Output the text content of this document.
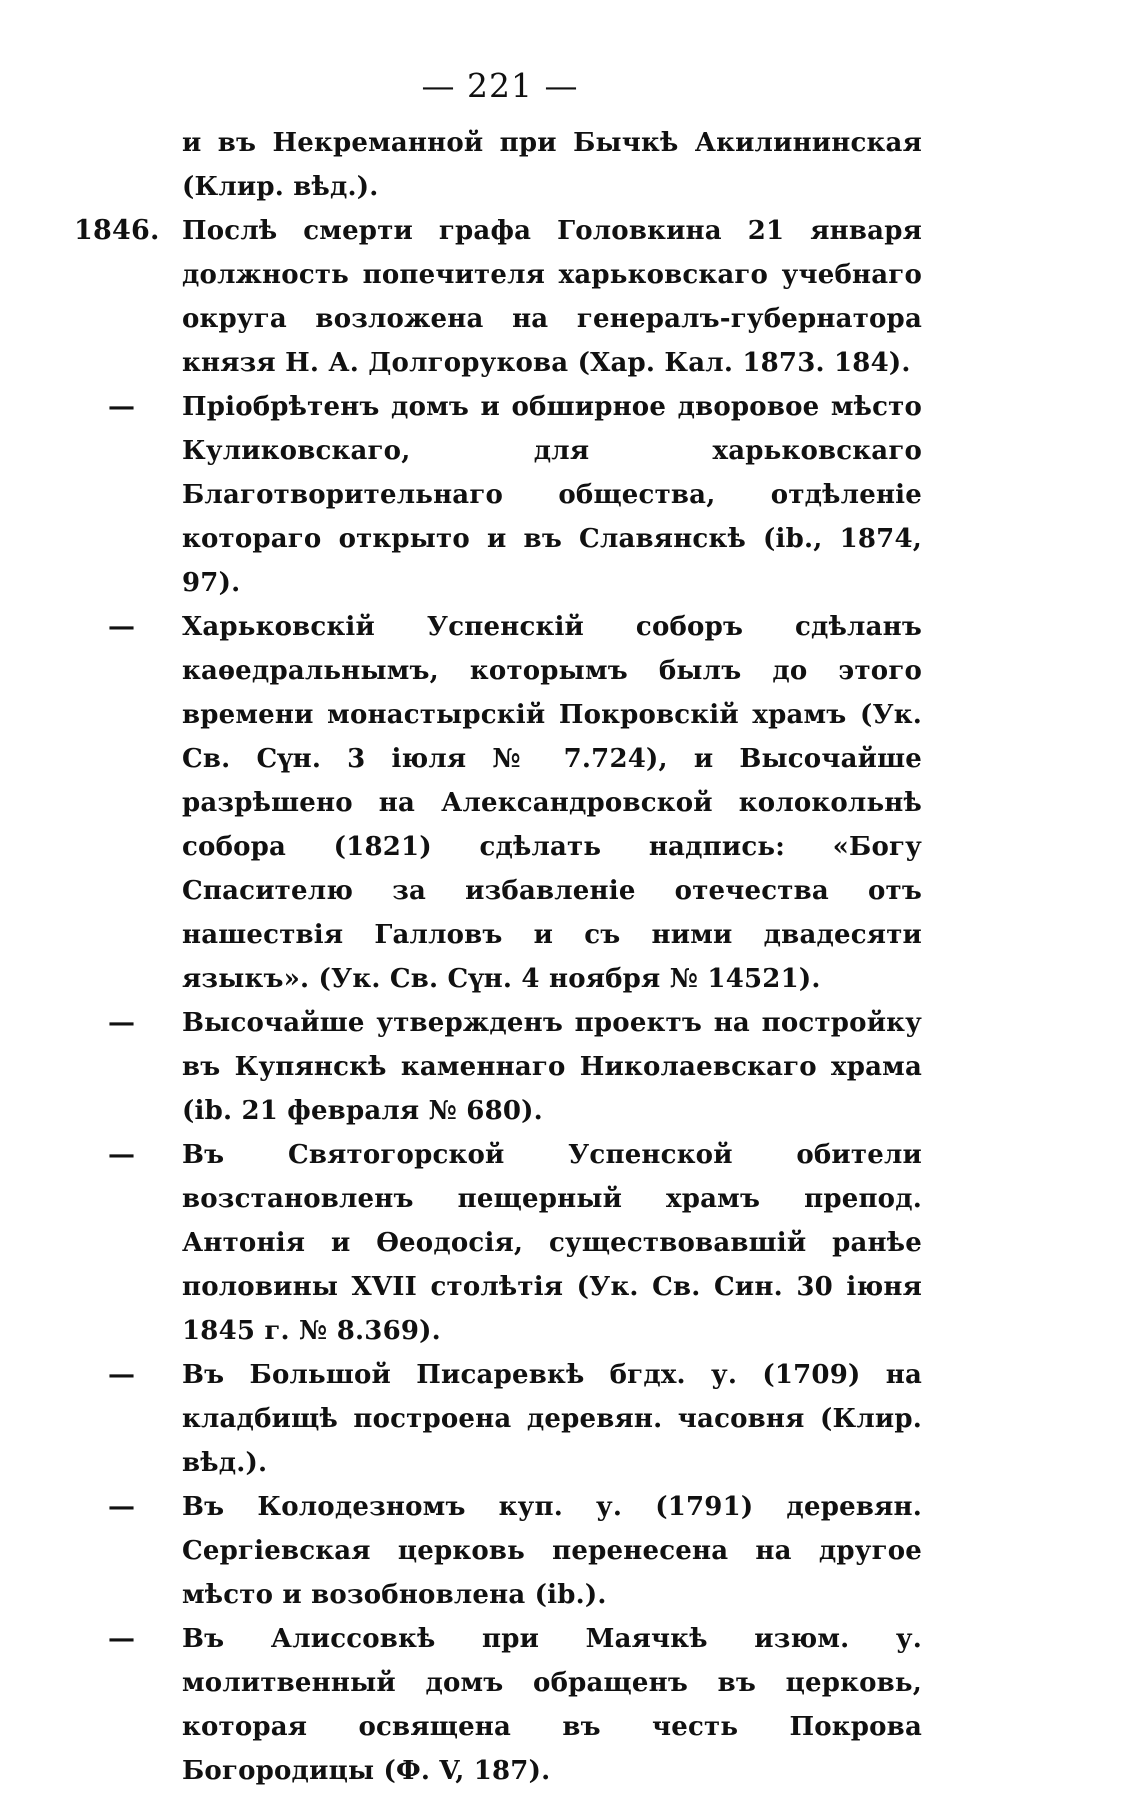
— 221 —
и въ Некреманной при Бычкѣ Акилининская (Клир. вѣд.).
1846. Послѣ смерти графа Головкина 21 января должность попечителя харьковскаго учебнаго округа возложена на генералъ-губернатора князя Н. А. Долгорукова (Хар. Кал. 1873. 184).
— Пріобрѣтенъ домъ и обширное дворовое мѣсто Куликовскаго, для харьковскаго Благотворительнаго общества, отдѣленіе котораго открыто и въ Славянскѣ (ib., 1874, 97).
— Харьковскій Успенскій соборъ сдѣланъ каѳедральнымъ, которымъ былъ до этого времени монастырскій Покровскій храмъ (Ук. Св. Сүн. 3 іюля № 7.724), и Высочайше разрѣшено на Александровской колокольнѣ собора (1821) сдѣлать надпись: «Богу Спасителю за избавленіе отечества отъ нашествія Галловъ и съ ними двадесяти языкъ». (Ук. Св. Сүн. 4 ноября № 14521).
— Высочайше утвержденъ проектъ на постройку въ Купянскѣ каменнаго Николаевскаго храма (ib. 21 февраля № 680).
— Въ Святогорской Успенской обители возстановленъ пещерный храмъ препод. Антонія и Ѳеодосія, существовавшій ранѣе половины XVII столѣтія (Ук. Св. Син. 30 іюня 1845 г. № 8.369).
— Въ Большой Писаревкѣ бгдх. у. (1709) на кладбищѣ построена деревян. часовня (Клир. вѣд.).
— Въ Колодезномъ куп. у. (1791) деревян. Сергіевская церковь перенесена на другое мѣсто и возобновлена (ib.).
— Въ Алиссовкѣ при Маячкѣ изюм. у. молитвенный домъ обращенъ въ церковь, которая освящена въ честь Покрова Богородицы (Ф. V, 187).
